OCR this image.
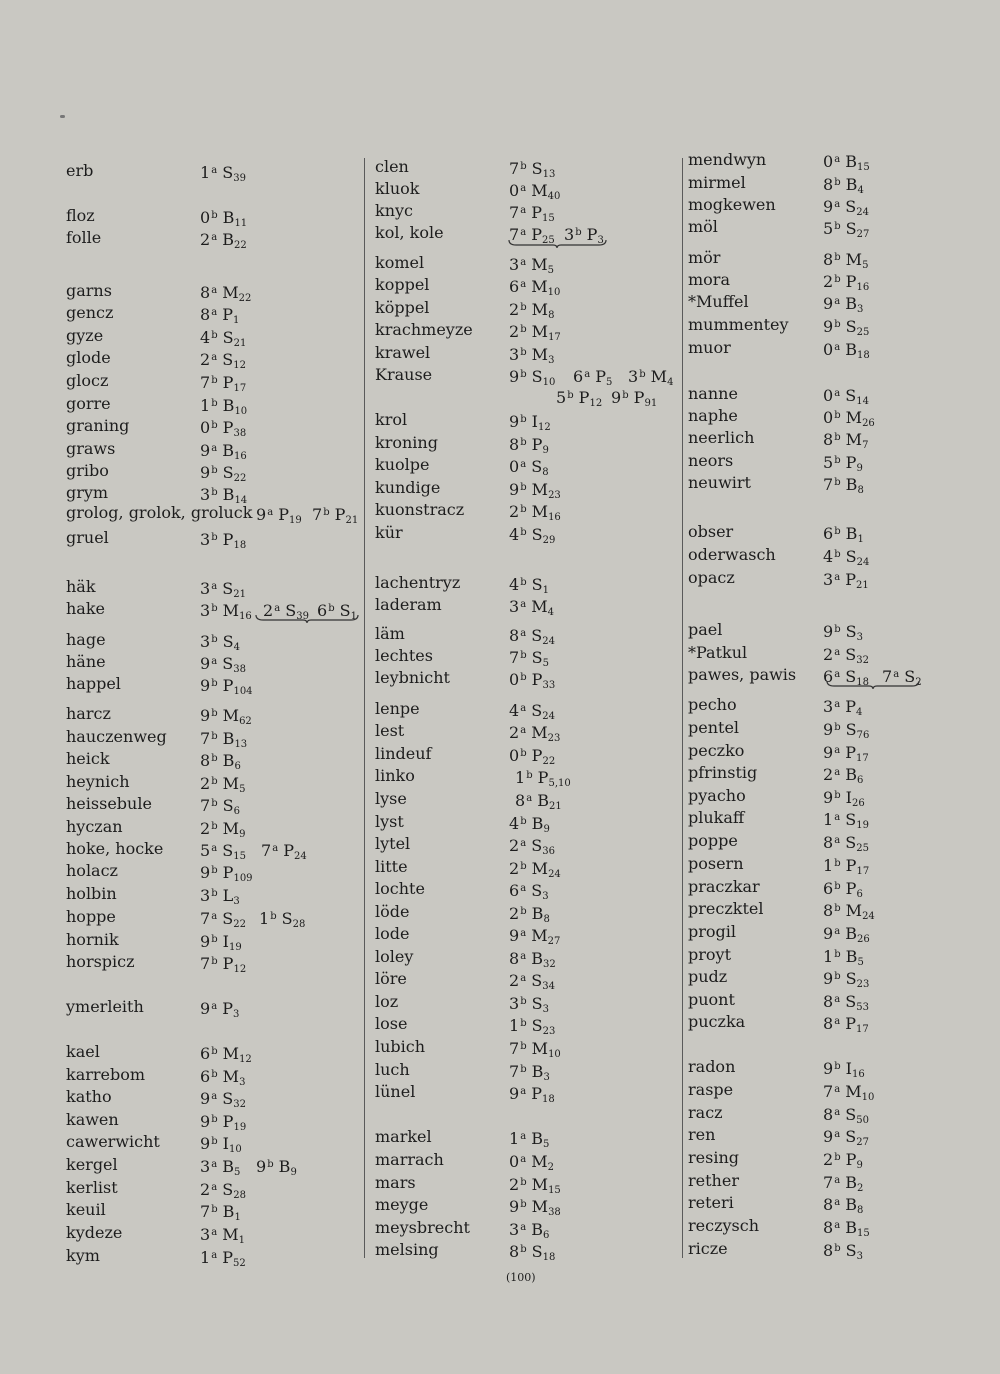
erb	1$^a$ $S_{39}$
floz	0$^b$ $B_{11}$
folle	2$^a$ $B_{22}$
garns	8$^a$ $M_{22}$
gencz	8$^a$ $P_1$
gyze	4$^b$ $S_{21}$
glode	2$^a$ $S_{12}$
glocz	7$^b$ $P_{17}$
gorre	1$^b$ $B_{10}$
graning	0$^b$ $P_{38}$
graws	9$^a$ $B_{16}$
gribo	9$^b$ $S_{22}$
grym	3$^b$ $B_{14}$
grolog, grolok, groluck 9$^a$ $P_{19}$ 7$^b$ $P_{21}$
gruel	3$^b$ $P_{18}$
häk	3$^a$ $S_{21}$
hake	3$^b$ $M_{16}$ 2$^a$ $S_{39}$ 6$^b$ $S_1$
hage	3$^b$ $S_4$
häne	9$^a$ $S_{38}$
happel	9$^b$ $P_{104}$
harcz	9$^b$ $M_{62}$
hauczenweg 7$^b$ $B_{13}$
heick	8$^b$ $B_6$
heynich	2$^b$ $M_5$
heissebule	7$^b$ $S_6$
hyczan	2$^b$ $M_9$
hoke, hocke 5$^a$ $S_{15}$ 7$^a$ $P_{24}$
holacz	9$^b$ $P_{109}$
holbin	3$^b$ $L_3$
hoppe	7$^a$ $S_{22}$ 1$^b$ $S_{28}$
hornik	9$^b$ $I_{19}$
horspicz	7$^b$ $P_{12}$
ymerleith	9$^a$ $P_3$
kael	6$^b$ $M_{12}$
karrebom	6$^b$ $M_3$
katho	9$^a$ $S_{32}$
kawen	9$^b$ $P_{19}$
cawerwicht	9$^b$ $I_{10}$
kergel	3$^a$ $B_5$ 9$^b$ $B_9$
kerlist	2$^a$ $S_{28}$
keuil	7$^b$ $B_1$
kydeze	3$^a$ $M_1$
kym	1$^a$ $P_{52}$
clen	7$^b$ $S_{13}$
kluok	0$^a$ $M_{40}$
knyc	7$^a$ $P_{15}$
kol, kole	7$^a$ $P_{25}$ 3$^b$ $P_3$
komel	3$^a$ $M_5$
koppel	6$^a$ $M_{10}$
köppel	2$^b$ $M_8$
krachmeyze 2$^b$ $M_{17}$
krawel	3$^b$ $M_3$
Krause	9$^b$ $S_{10}$ 6$^a$ $P_5$ 3$^b$ $M_4$
5$^b$ $P_{12}$ 9$^b$ $P_{91}$
krol	9$^b$ $I_{12}$
kroning	8$^b$ $P_9$
kuolpe	0$^a$ $S_8$
kundige	9$^b$ $M_{23}$
kuonstracz	2$^b$ $M_{16}$
kür	4$^b$ $S_{29}$
lachentryz	4$^b$ $S_1$
laderam	3$^a$ $M_4$
läm	8$^a$ $S_{24}$
lechtes	7$^b$ $S_5$
leybnicht	0$^b$ $P_{33}$
lenpe	4$^a$ $S_{24}$
lest	2$^a$ $M_{23}$
lindeuf	0$^b$ $P_{22}$
linko	1$^b$ $P_{5,10}$
lyse	8$^a$ $B_{21}$
lyst	4$^b$ $B_9$
lytel	2$^a$ $S_{36}$
litte	2$^b$ $M_{24}$
lochte	6$^a$ $S_3$
löde	2$^b$ $B_8$
lode	9$^a$ $M_{27}$
loley	8$^a$ $B_{32}$
löre	2$^a$ $S_{34}$
loz	3$^b$ $S_3$
lose	1$^b$ $S_{23}$
lubich	7$^b$ $M_{10}$
luch	7$^b$ $B_3$
lünel	9$^a$ $P_{18}$
markel	1$^a$ $B_5$
marrach	0$^a$ $M_2$
mars	2$^b$ $M_{15}$
meyge	9$^b$ $M_{38}$
meysbrecht 3$^a$ $B_6$
melsing	8$^b$ $S_{18}$
mendwyn	0$^a$ $B_{15}$
mirmel	8$^b$ $B_4$
mogkewen	9$^a$ $S_{24}$
möl	5$^b$ $S_{27}$
mör	8$^b$ $M_5$
mora	2$^b$ $P_{16}$
*Muffel	9$^a$ $B_3$
mummentey 9$^b$ $S_{25}$
muor	0$^a$ $B_{18}$
nanne	0$^a$ $S_{14}$
naphe	0$^b$ $M_{26}$
neerlich	8$^b$ $M_7$
neors	5$^b$ $P_9$
neuwirt	7$^b$ $B_8$
obser	6$^b$ $B_1$
oderwasch	4$^b$ $S_{24}$
opacz	3$^a$ $P_{21}$
pael	9$^b$ $S_3$
*Patkul	2$^a$ $S_{32}$
pawes, pawis 6$^a$ $S_{18}$ 7$^a$ $S_2$
pecho	3$^a$ $P_4$
pentel	9$^b$ $S_{76}$
peczko	9$^a$ $P_{17}$
pfrinstig	2$^a$ $B_6$
pyacho	9$^b$ $I_{26}$
plukaff	1$^a$ $S_{19}$
poppe	8$^a$ $S_{25}$
posern	1$^b$ $P_{17}$
praczkar	6$^b$ $P_6$
preczktel	8$^b$ $M_{24}$
progil	9$^a$ $B_{26}$
proyt	1$^b$ $B_5$
pudz	9$^b$ $S_{23}$
puont	8$^a$ $S_{53}$
puczka	8$^a$ $P_{17}$
radon	9$^b$ $I_{16}$
raspe	7$^a$ $M_{10}$
racz	8$^a$ $S_{50}$
ren	9$^a$ $S_{27}$
resing	2$^b$ $P_9$
rether	7$^a$ $B_2$
reteri	8$^a$ $B_8$
reczysch	8$^a$ $B_{15}$
ricze	8$^b$ $S_3$
(100)
